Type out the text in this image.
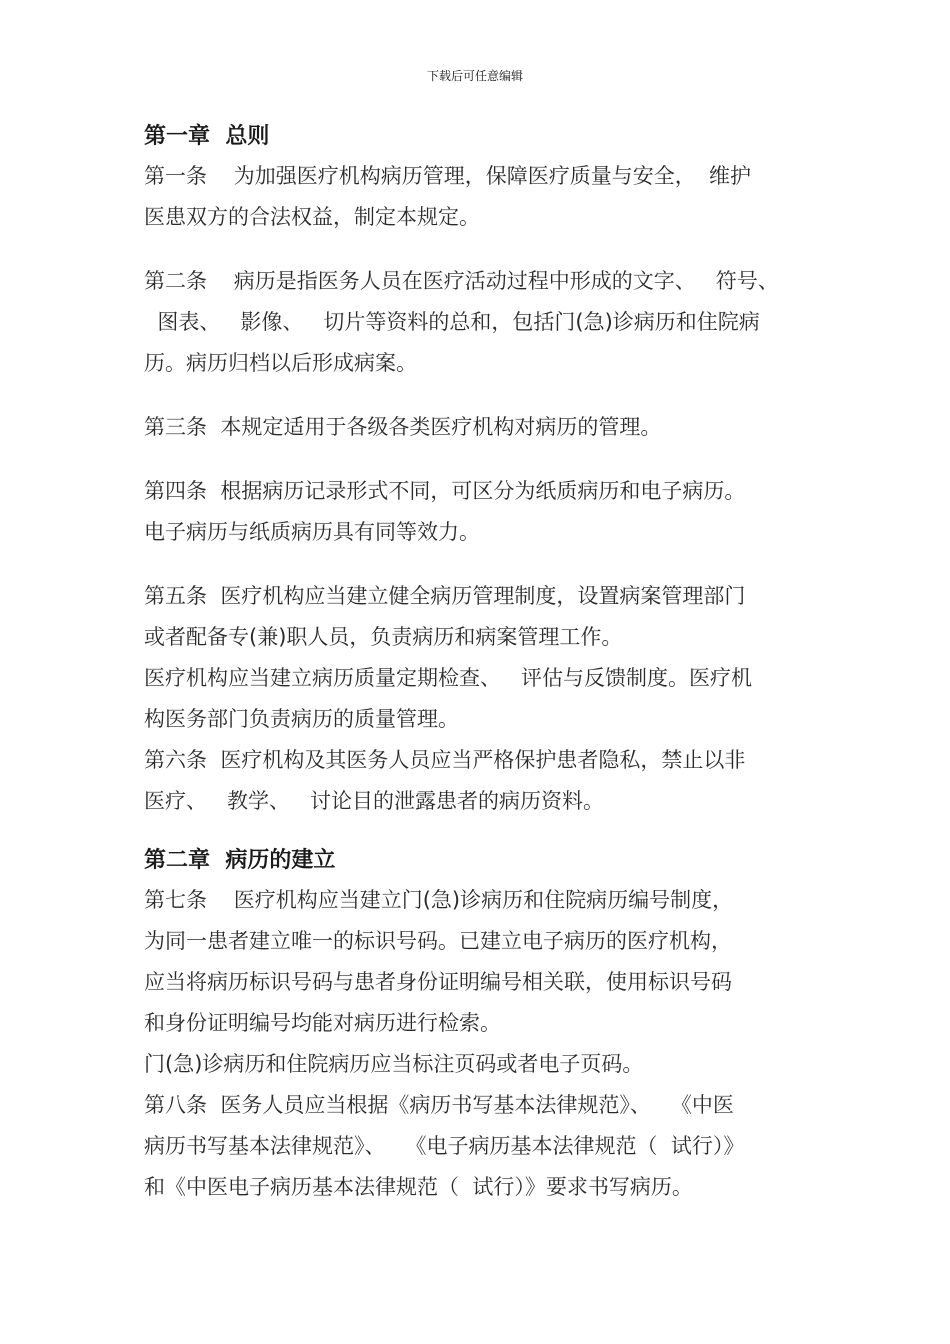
下载后可任意编辑
第一章  总则
第一条    为加强医疗机构病历管理，保障医疗质量与安全，  维护
医患双方的合法权益，制定本规定。
第二条    病历是指医务人员在医疗活动过程中形成的文字、   符号、
图表、   影像、   切片等资料的总和，包括门(急)诊病历和住院病
历。病历归档以后形成病案。
第三条  本规定适用于各级各类医疗机构对病历的管理。
第四条  根据病历记录形式不同，可区分为纸质病历和电子病历。
电子病历与纸质病历具有同等效力。
第五条  医疗机构应当建立健全病历管理制度，设置病案管理部门
或者配备专(兼)职人员，负责病历和病案管理工作。
医疗机构应当建立病历质量定期检查、   评估与反馈制度。医疗机
构医务部门负责病历的质量管理。
第六条  医疗机构及其医务人员应当严格保护患者隐私，禁止以非
医疗、   教学、   讨论目的泄露患者的病历资料。
第二章  病历的建立
第七条    医疗机构应当建立门(急)诊病历和住院病历编号制度，
为同一患者建立唯一的标识号码。已建立电子病历的医疗机构，
应当将病历标识号码与患者身份证明编号相关联，使用标识号码
和身份证明编号均能对病历进行检索。
门(急)诊病历和住院病历应当标注页码或者电子页码。
第八条  医务人员应当根据《病历书写基本法律规范》、   《中医
病历书写基本法律规范》、   《电子病历基本法律规范（  试行）》
和《中医电子病历基本法律规范（  试行）》要求书写病历。
